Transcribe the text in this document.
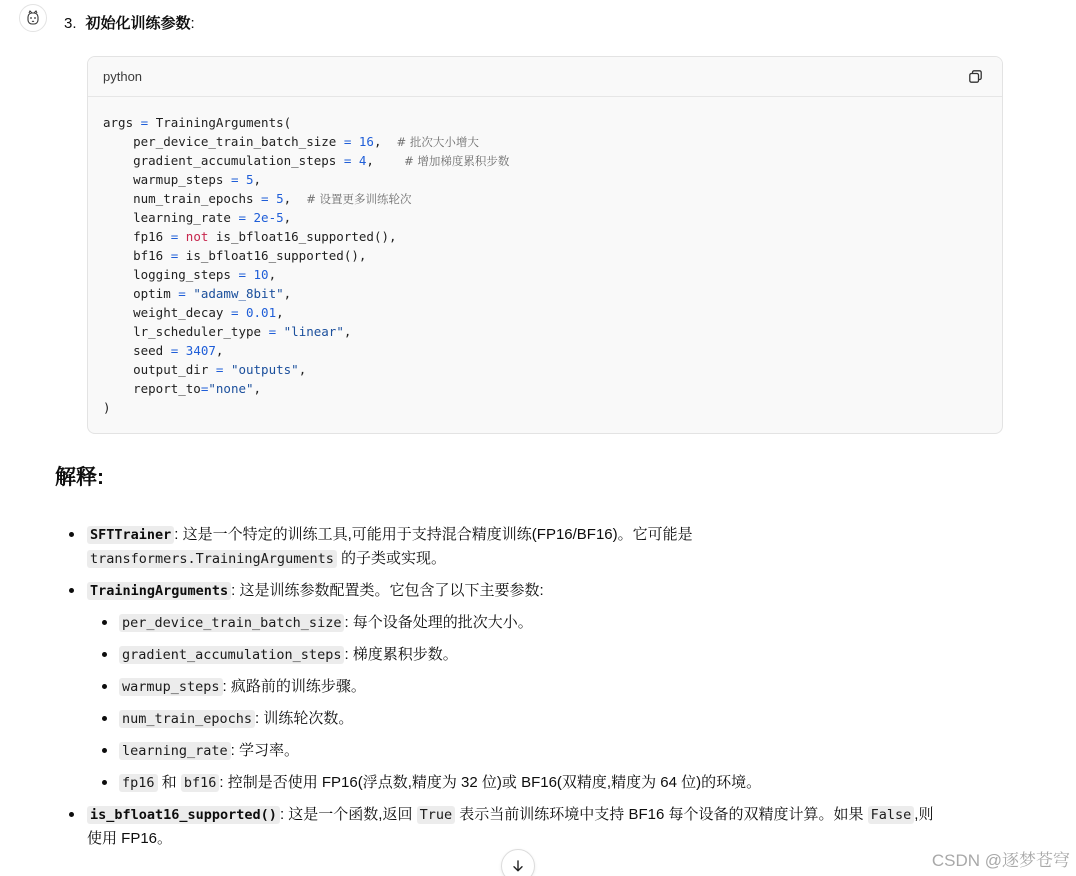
3. 初始化训练参数:
python
args = TrainingArguments(
per_device_train_batch_size = 16,  # 批次大小增大
gradient_accumulation_steps = 4,    # 增加梯度累积步数
warmup_steps = 5,
num_train_epochs = 5,  # 设置更多训练轮次
learning_rate = 2e-5,
fp16 = not is_bfloat16_supported(),
bf16 = is_bfloat16_supported(),
logging_steps = 10,
optim = "adamw_8bit",
weight_decay = 0.01,
lr_scheduler_type = "linear",
seed = 3407,
output_dir = "outputs",
report_to="none",
)
解释:
SFTTrainer : 这是一个特定的训练工具,可能用于支持混合精度训练(FP16/BF16)。它可能是
transformers.TrainingArguments 的子类或实现。
TrainingArguments : 这是训练参数配置类。它包含了以下主要参数:
per_device_train_batch_size : 每个设备处理的批次大小。
gradient_accumulation_steps : 梯度累积步数。
warmup_steps : 疯路前的训练步骤。
num_train_epochs : 训练轮次数。
learning_rate : 学习率。
fp16 和 bf16 : 控制是否使用 FP16(浮点数,精度为 32 位)或 BF16(双精度,精度为 64 位)的环境。
is_bfloat16_supported() : 这是一个函数,返回 True 表示当前训练环境中支持 BF16 每个设备的双精度计算。如果 False ,则
使用 FP16。
CSDN @逐梦苍穹
